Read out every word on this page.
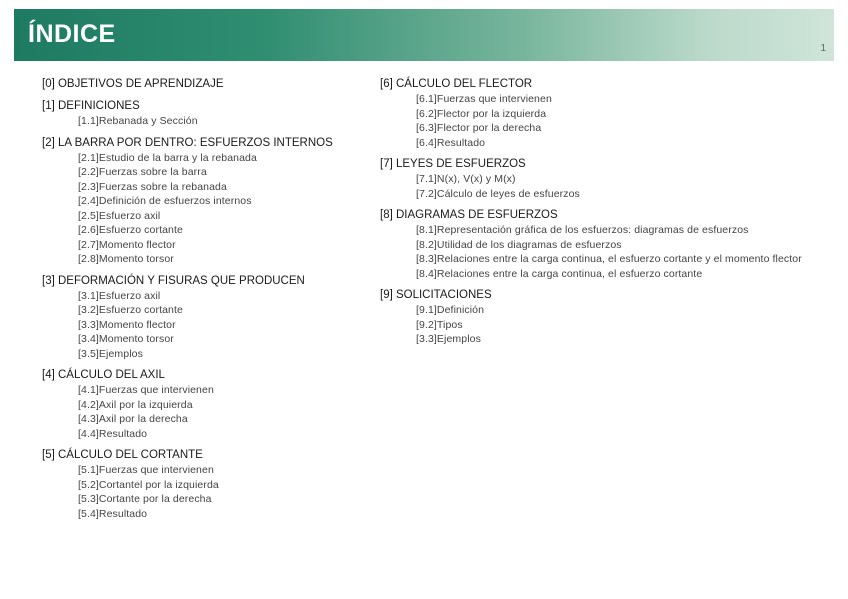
ÍNDICE
1
[0] OBJETIVOS DE APRENDIZAJE
[1] DEFINICIONES
[1.1]Rebanada y Sección
[2] LA BARRA POR DENTRO: ESFUERZOS INTERNOS
[2.1]Estudio de la barra y la rebanada
[2.2]Fuerzas sobre la barra
[2.3]Fuerzas sobre la rebanada
[2.4]Definición de esfuerzos internos
[2.5]Esfuerzo axil
[2.6]Esfuerzo cortante
[2.7]Momento flector
[2.8]Momento torsor
[3] DEFORMACIÓN Y FISURAS QUE PRODUCEN
[3.1]Esfuerzo axil
[3.2]Esfuerzo cortante
[3.3]Momento flector
[3.4]Momento torsor
[3.5]Ejemplos
[4] CÁLCULO DEL AXIL
[4.1]Fuerzas que intervienen
[4.2]Axil por la izquierda
[4.3]Axil por la derecha
[4.4]Resultado
[5] CÁLCULO DEL CORTANTE
[5.1]Fuerzas que intervienen
[5.2]Cortantel por la izquierda
[5.3]Cortante por la derecha
[5.4]Resultado
[6] CÁLCULO DEL FLECTOR
[6.1]Fuerzas que intervienen
[6.2]Flector por la izquierda
[6.3]Flector por la derecha
[6.4]Resultado
[7] LEYES DE ESFUERZOS
[7.1]N(x), V(x) y M(x)
[7.2]Cálculo de leyes de esfuerzos
[8] DIAGRAMAS DE ESFUERZOS
[8.1]Representación gráfica de los esfuerzos: diagramas de esfuerzos
[8.2]Utilidad de los diagramas de esfuerzos
[8.3]Relaciones entre la carga continua, el esfuerzo cortante y el momento flector
[8.4]Relaciones entre la carga continua, el esfuerzo cortante
[9] SOLICITACIONES
[9.1]Definición
[9.2]Tipos
[3.3]Ejemplos
